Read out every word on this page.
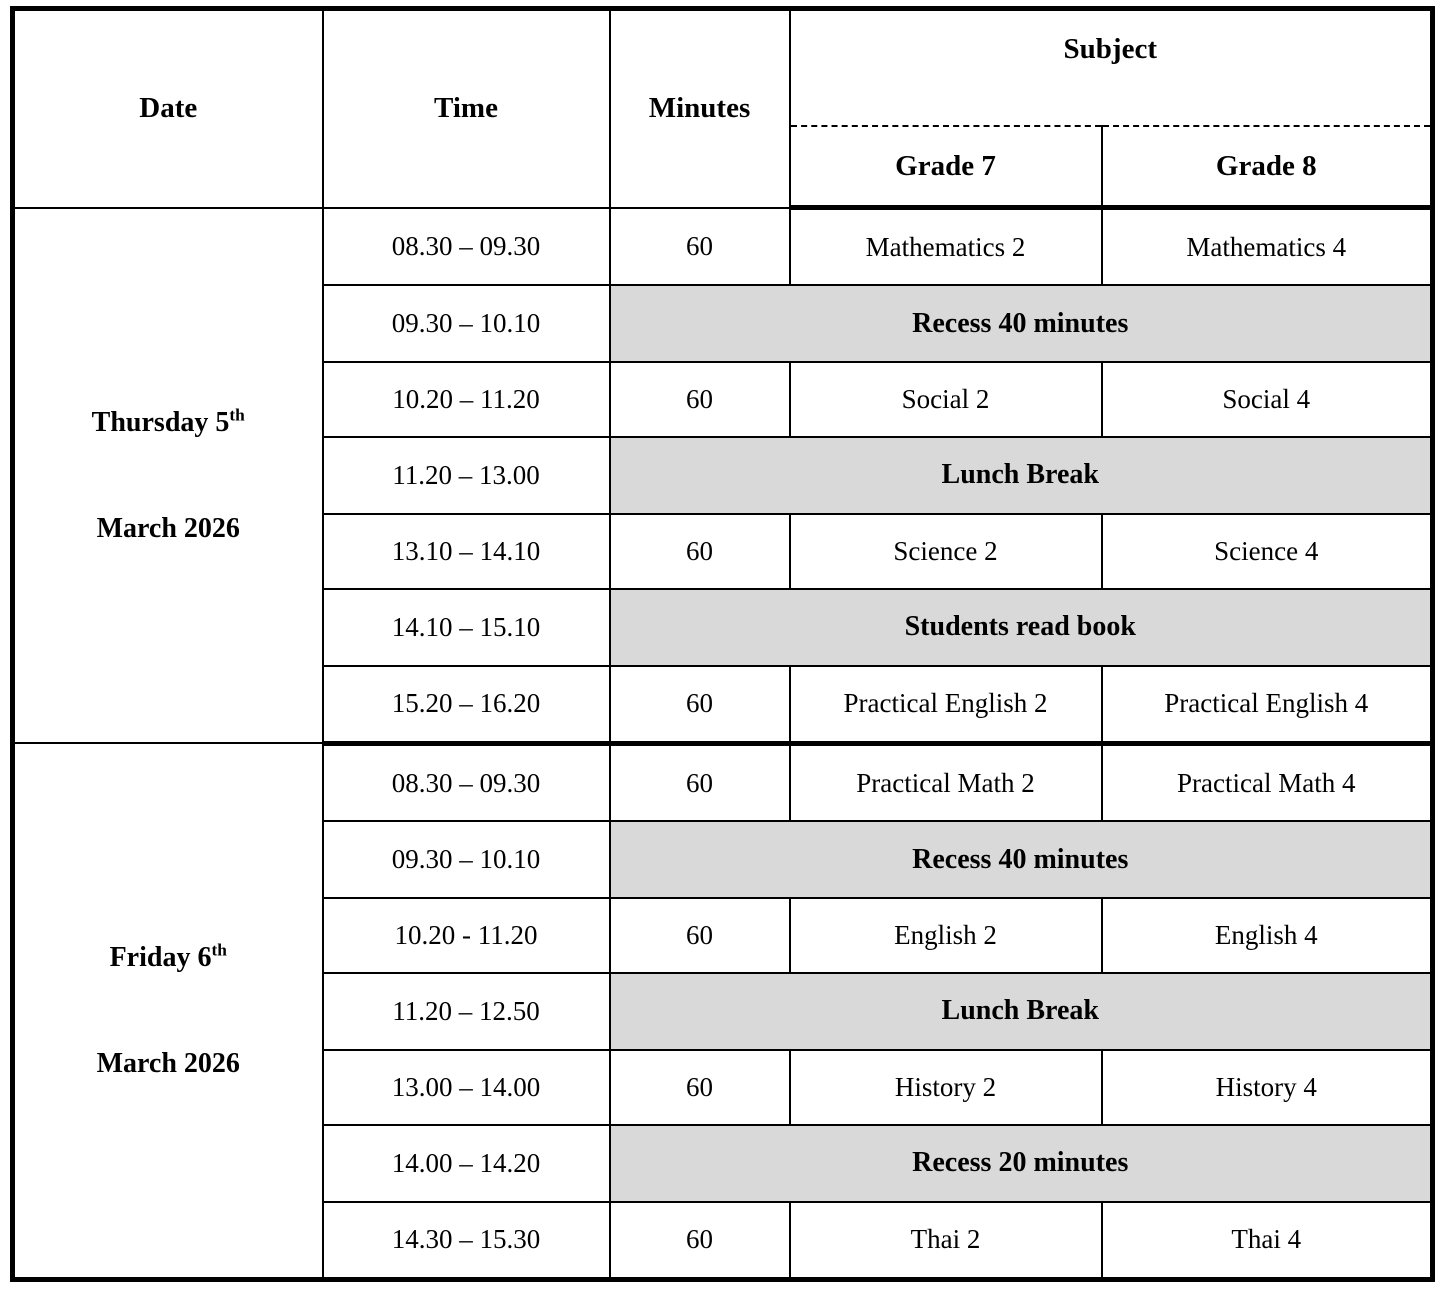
Date	Time	Minutes	Subject	
			Grade 7	Grade 8
Thursday 5th

March 2026	08.30 – 09.30	60	Mathematics 2	Mathematics 4
	09.30 – 10.10	Recess 40 minutes		
	10.20 – 11.20	60	Social 2	Social 4
	11.20 – 13.00	Lunch Break		
	13.10 – 14.10	60	Science 2	Science 4
	14.10 – 15.10	Students read book		
	15.20 – 16.20	60	Practical English 2	Practical English 4
Friday 6th

March 2026	08.30 – 09.30	60	Practical Math 2	Practical Math 4
	09.30 – 10.10	Recess 40 minutes		
	10.20 - 11.20	60	English 2	English 4
	11.20 – 12.50	Lunch Break		
	13.00 – 14.00	60	History 2	History 4
	14.00 – 14.20	Recess 20 minutes		
	14.30 – 15.30	60	Thai 2	Thai 4
